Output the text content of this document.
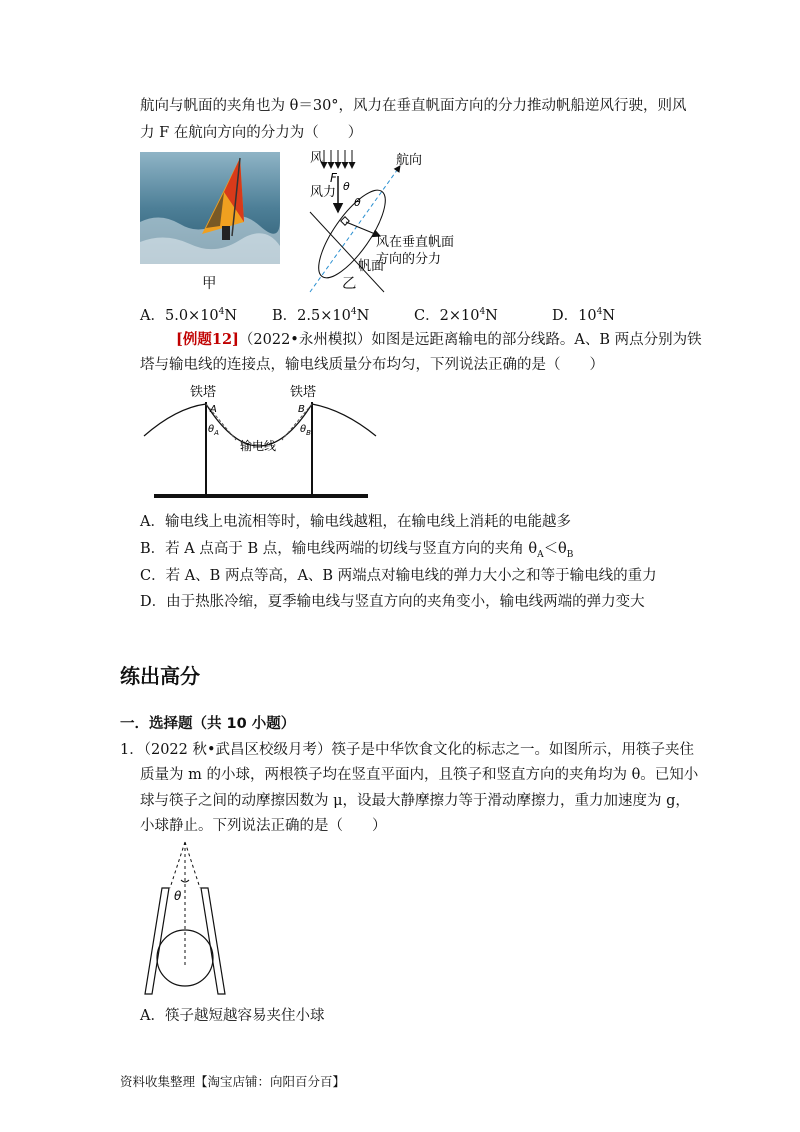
航向与帆面的夹角也为 θ＝30°，风力在垂直帆面方向的分力推动帆船逆风行驶，则风
力 F 在航向方向的分力为（　　）
甲
风
F
风力
航向
θ
θ
风在垂直帆面
方向的分力
帆面
乙
A．$5.0\times 10^4N$ B．$2.5\times 10^4N$	C．$2\times 10^4N$	D．$10^4N$
[例题12]（2022•永州模拟）如图是远距离输电的部分线路。A、B 两点分别为铁
塔与输电线的连接点，输电线质量分布均匀，下列说法正确的是（　　）
铁塔	铁塔
A	B
$\theta_A$	$\theta_B$
输电线
A．输电线上电流相等时，输电线越粗，在输电线上消耗的电能越多
B．若 A 点高于 B 点，输电线两端的切线与竖直方向的夹角 $\theta_A<\theta_B$
C．若 A、B 两点等高，A、B 两端点对输电线的弹力大小之和等于输电线的重力
D．由于热胀冷缩，夏季输电线与竖直方向的夹角变小，输电线两端的弹力变大
练出高分
一．选择题（共 10 小题）
1．（2022 秋•武昌区校级月考）筷子是中华饮食文化的标志之一。如图所示，用筷子夹住
质量为 m 的小球，两根筷子均在竖直平面内，且筷子和竖直方向的夹角均为 θ。已知小
球与筷子之间的动摩擦因数为 μ，设最大静摩擦力等于滑动摩擦力，重力加速度为 g，
小球静止。下列说法正确的是（　　）
θ
A．筷子越短越容易夹住小球
资料收集整理【淘宝店铺：向阳百分百】
